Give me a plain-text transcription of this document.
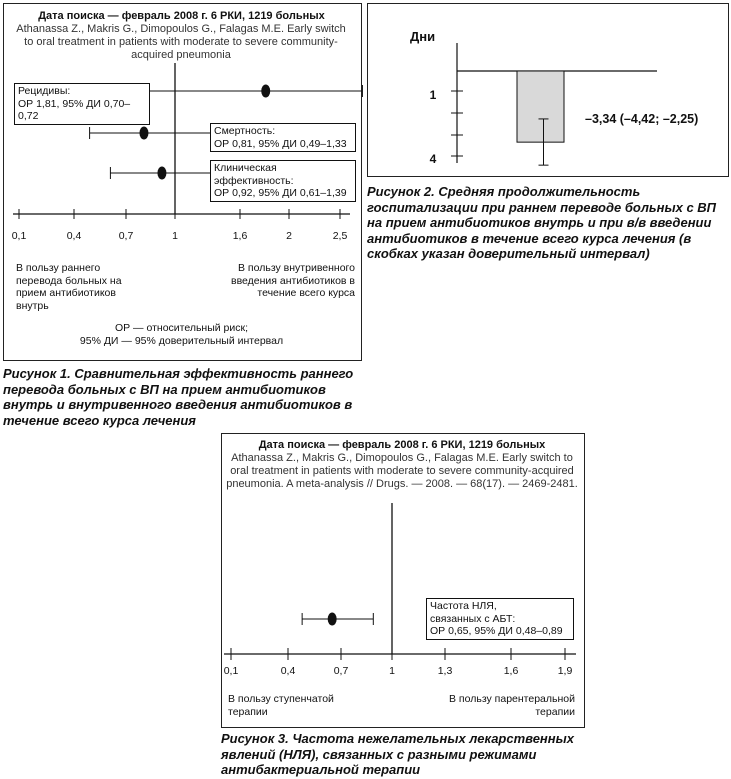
Дата поиска — февраль 2008 г. 6 РКИ, 1219 больных
Athanassa Z., Makris G., Dimopoulos G., Falagas M.E. Early switch to oral treatment in patients with moderate to severe community-acquired pneumonia
0,1	0,4	0,7	1	1,6	2	2,5
Рецидивы:
ОР 1,81, 95% ДИ 0,70–0,72
Смертность:
ОР 0,81, 95% ДИ 0,49–1,33
Клиническая
эффективность:
ОР 0,92, 95% ДИ 0,61–1,39
В пользу раннего перевода больных на прием антибиотиков внутрь
В пользу внутривенного введения антибиотиков в течение всего курса
ОР — относительный риск;
95% ДИ — 95% доверительный интервал
Рисунок 1. Сравнительная эффективность раннего перевода больных с ВП на прием антибиотиков внутрь и внутривенного введения антибиотиков в течение всего курса лечения
1
4
Дни
–3,34 (–4,42; –2,25)
Рисунок 2. Средняя продолжительность госпитализации при раннем переводе больных с ВП на прием антибиотиков внутрь и при в/в введении антибиотиков в течение всего курса лечения (в скобках указан доверительный интервал)
Дата поиска — февраль 2008 г. 6 РКИ, 1219 больных
Athanassa Z., Makris G., Dimopoulos G., Falagas M.E. Early switch to oral treatment in patients with moderate to severe community-acquired pneumonia. A meta-analysis // Drugs. — 2008. — 68(17). — 2469-2481.
0,1	0,4	0,7	1	1,3	1,6	1,9
Частота НЛЯ,
связанных с АБТ:
ОР 0,65, 95% ДИ 0,48–0,89
В пользу ступенчатой терапии
В пользу парентеральной терапии
Рисунок 3. Частота нежелательных лекарственных явлений (НЛЯ), связанных с разными режимами антибактериальной терапии
